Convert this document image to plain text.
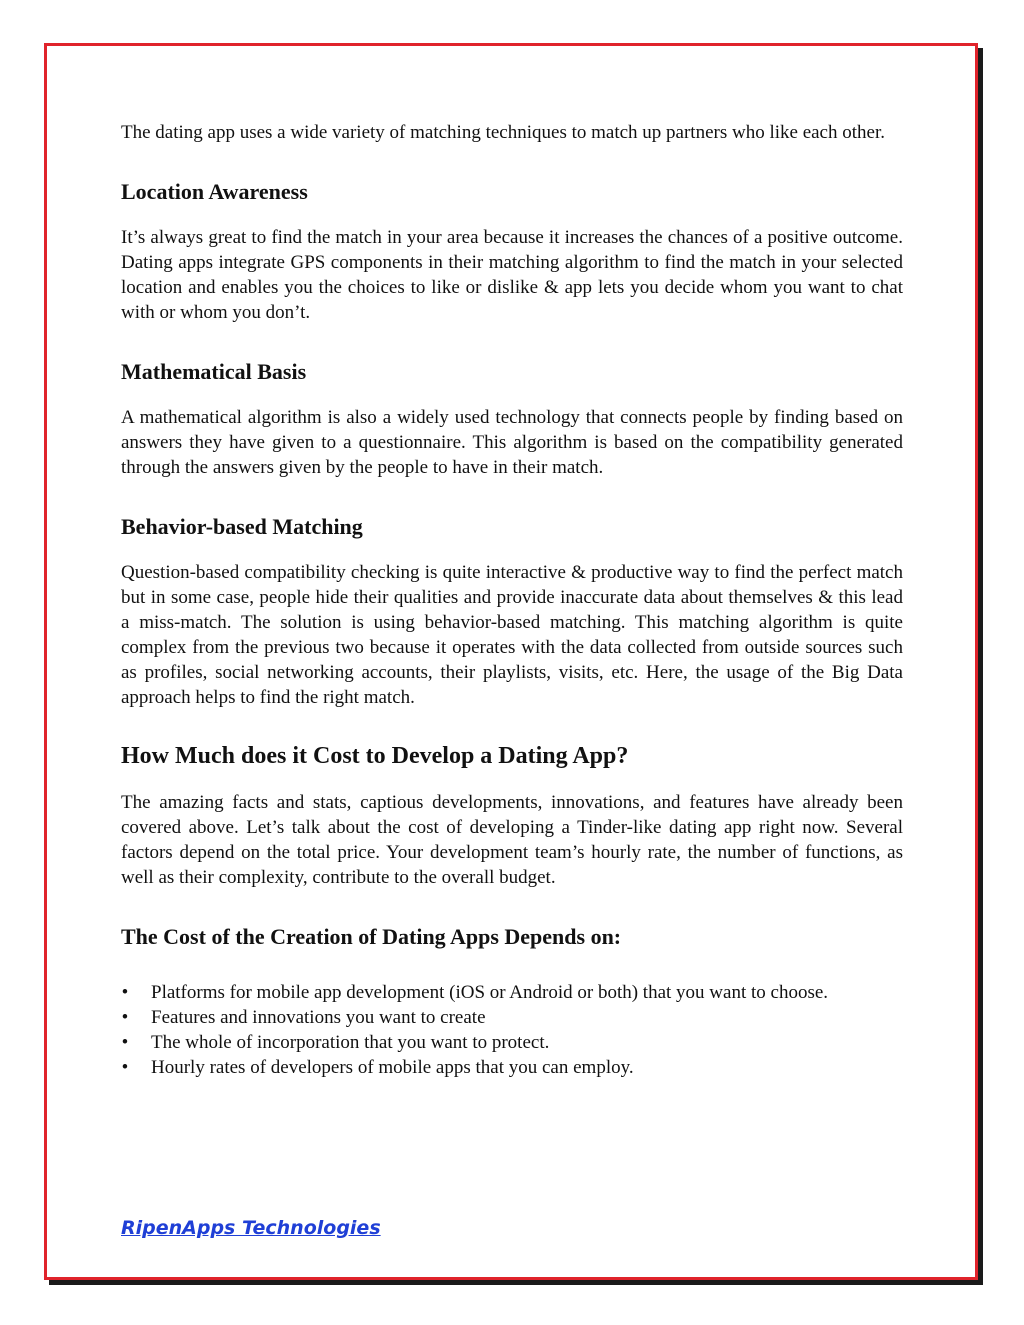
The dating app uses a wide variety of matching techniques to match up partners who like each other.

Location Awareness

It’s always great to find the match in your area because it increases the chances of a positive outcome. Dating apps integrate GPS components in their matching algorithm to find the match in your selected location and enables you the choices to like or dislike & app lets you decide whom you want to chat with or whom you don’t.

Mathematical Basis

A mathematical algorithm is also a widely used technology that connects people by finding based on answers they have given to a questionnaire. This algorithm is based on the compatibility generated through the answers given by the people to have in their match.

Behavior-based Matching

Question-based compatibility checking is quite interactive & productive way to find the perfect match but in some case, people hide their qualities and provide inaccurate data about themselves & this lead a miss-match. The solution is using behavior-based matching. This matching algorithm is quite complex from the previous two because it operates with the data collected from outside sources such as profiles, social networking accounts, their playlists, visits, etc. Here, the usage of the Big Data approach helps to find the right match.

How Much does it Cost to Develop a Dating App?

The amazing facts and stats, captious developments, innovations, and features have already been covered above. Let’s talk about the cost of developing a Tinder-like dating app right now. Several factors depend on the total price. Your development team’s hourly rate, the number of functions, as well as their complexity, contribute to the overall budget.

The Cost of the Creation of Dating Apps Depends on:
• Platforms for mobile app development (iOS or Android or both) that you want to choose.
• Features and innovations you want to create
• The whole of incorporation that you want to protect.
• Hourly rates of developers of mobile apps that you can employ.
RipenApps Technologies
